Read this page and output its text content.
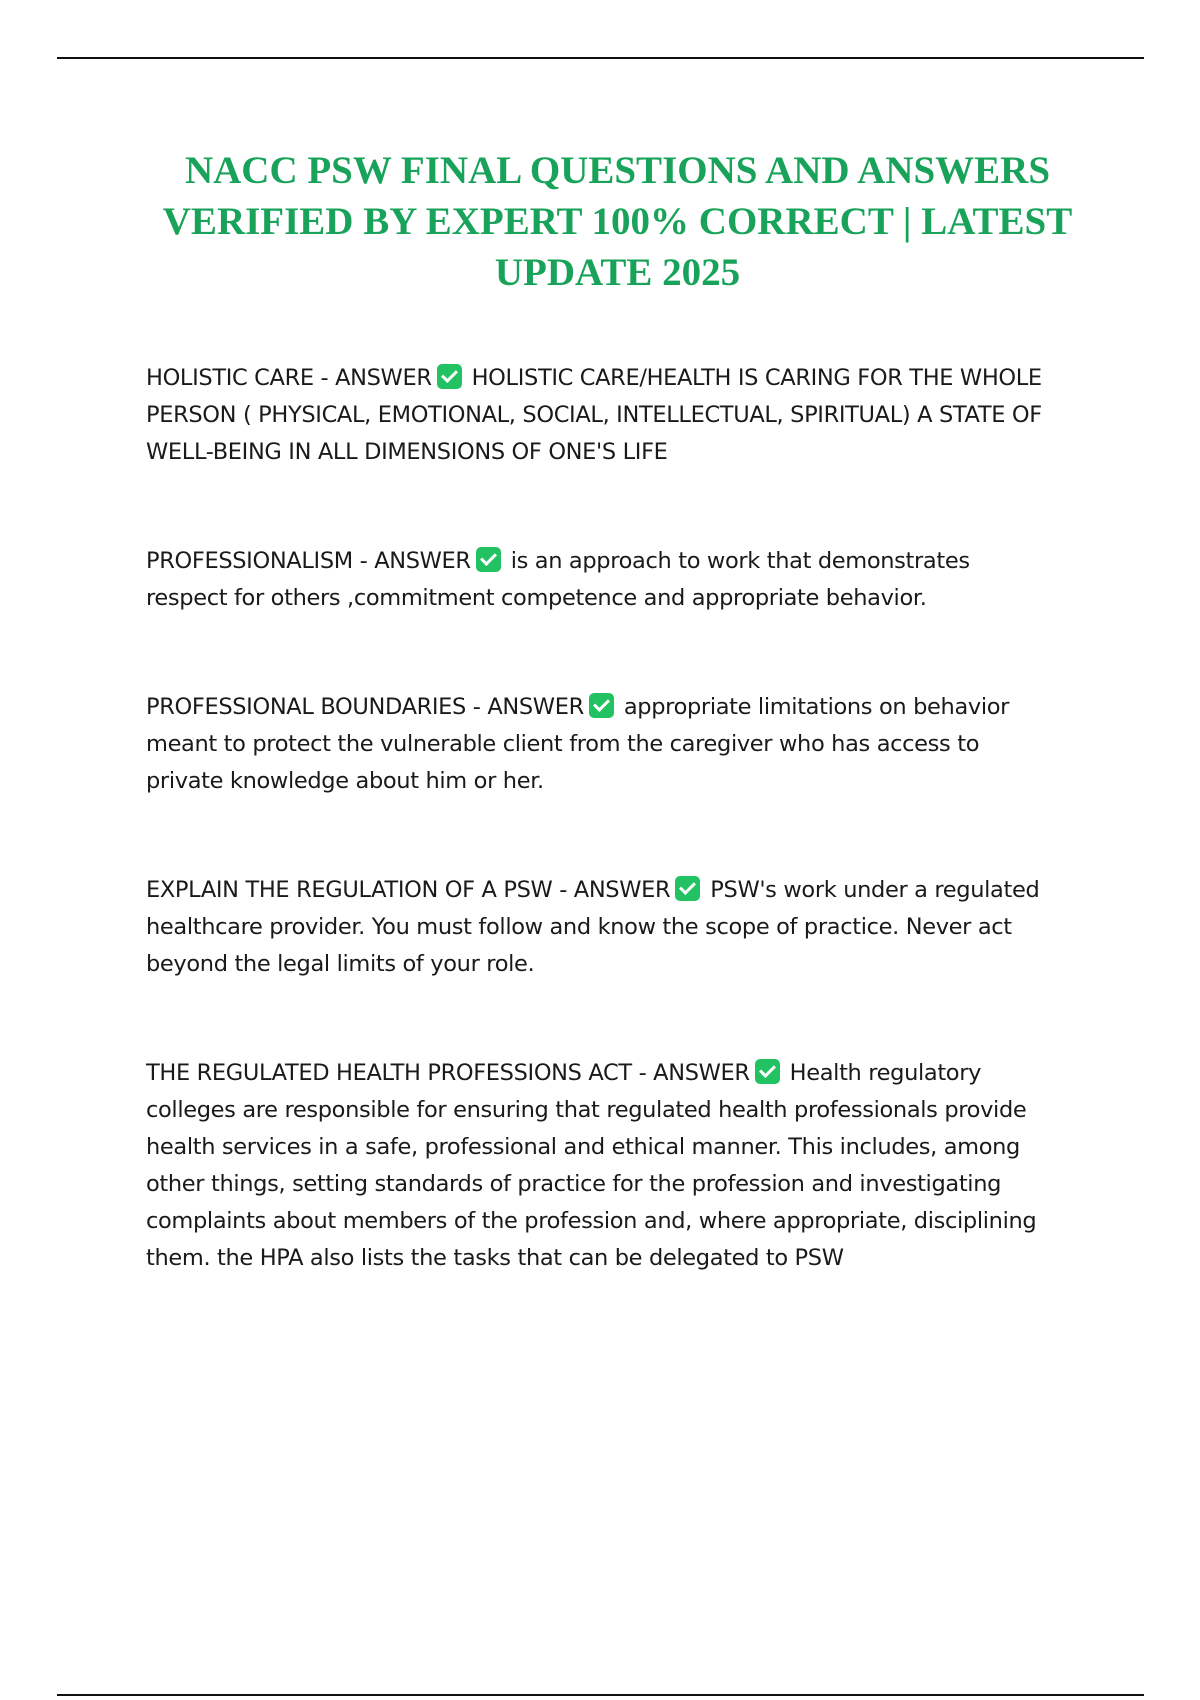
NACC PSW FINAL QUESTIONS AND ANSWERS
VERIFIED BY EXPERT 100% CORRECT | LATEST
UPDATE 2025

HOLISTIC CARE - ANSWER HOLISTIC CARE/HEALTH IS CARING FOR THE WHOLE
PERSON ( PHYSICAL, EMOTIONAL, SOCIAL, INTELLECTUAL, SPIRITUAL) A STATE OF
WELL-BEING IN ALL DIMENSIONS OF ONE'S LIFE

PROFESSIONALISM - ANSWER is an approach to work that demonstrates
respect for others ,commitment competence and appropriate behavior.

PROFESSIONAL BOUNDARIES - ANSWER appropriate limitations on behavior
meant to protect the vulnerable client from the caregiver who has access to
private knowledge about him or her.

EXPLAIN THE REGULATION OF A PSW - ANSWER PSW's work under a regulated
healthcare provider. You must follow and know the scope of practice. Never act
beyond the legal limits of your role.

THE REGULATED HEALTH PROFESSIONS ACT - ANSWER Health regulatory
colleges are responsible for ensuring that regulated health professionals provide
health services in a safe, professional and ethical manner. This includes, among
other things, setting standards of practice for the profession and investigating
complaints about members of the profession and, where appropriate, disciplining
them. the HPA also lists the tasks that can be delegated to PSW
